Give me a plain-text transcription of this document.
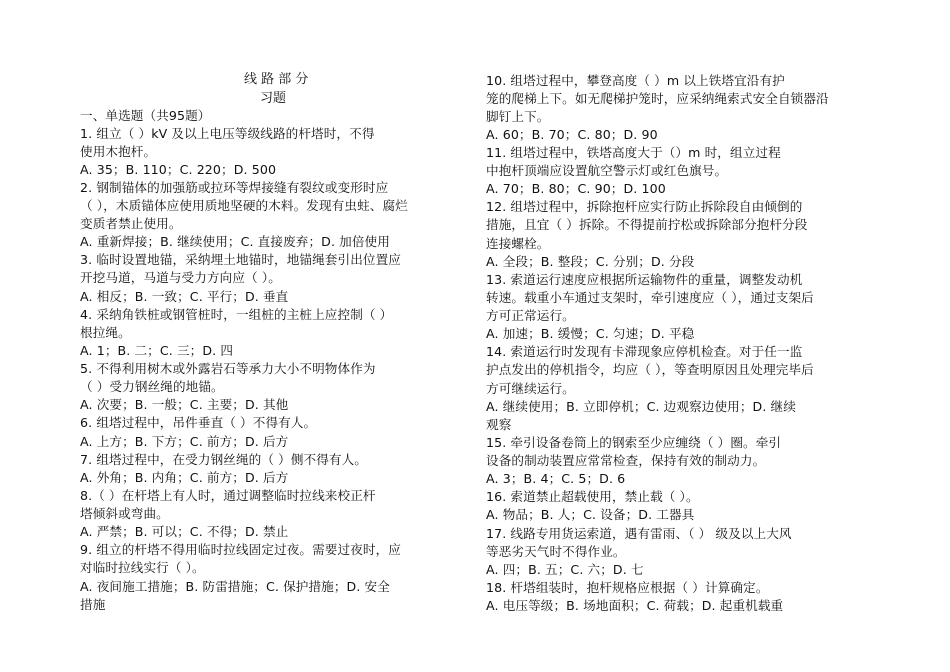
线 路 部 分
习题
一、单选题（共95题）
1. 组立（ ）kV 及以上电压等级线路的杆塔时，不得
使用木抱杆。
A. 35；B. 110；C. 220；D. 500
2. 钢制锚体的加强筋或拉环等焊接缝有裂纹或变形时应
（ ），木质锚体应使用质地坚硬的木料。发现有虫蛀、腐烂
变质者禁止使用。
A. 重新焊接；B. 继续使用；C. 直接废弃；D. 加倍使用
3. 临时设置地锚，采纳埋土地锚时，地锚绳套引出位置应
开挖马道，马道与受力方向应（ ）。
A. 相反；B. 一致；C. 平行；D. 垂直
4. 采纳角铁桩或钢管桩时，一组桩的主桩上应控制（ ）
根拉绳。
A. 1；B. 二；C. 三；D. 四
5. 不得利用树木或外露岩石等承力大小不明物体作为
（ ）受力钢丝绳的地锚。
A. 次要；B. 一般；C. 主要；D. 其他
6. 组塔过程中，吊件垂直（ ）不得有人。
A. 上方；B. 下方；C. 前方；D. 后方
7. 组塔过程中，在受力钢丝绳的（ ）侧不得有人。
A. 外角；B. 内角；C. 前方；D. 后方
8.（ ）在杆塔上有人时，通过调整临时拉线来校正杆
塔倾斜或弯曲。
A. 严禁；B. 可以；C. 不得；D. 禁止
9. 组立的杆塔不得用临时拉线固定过夜。需要过夜时，应
对临时拉线实行（ ）。
A. 夜间施工措施；B. 防雷措施；C. 保护措施；D. 安全
措施
10. 组塔过程中，攀登高度（ ）m 以上铁塔宜沿有护
笼的爬梯上下。如无爬梯护笼时，应采纳绳索式安全自锁器沿
脚钉上下。
A. 60；B. 70；C. 80；D. 90
11. 组塔过程中，铁塔高度大于（）m 时，组立过程
中抱杆顶端应设置航空警示灯或红色旗号。
A. 70；B. 80；C. 90；D. 100
12. 组塔过程中，拆除抱杆应实行防止拆除段自由倾倒的
措施，且宜（ ）拆除。不得提前拧松或拆除部分抱杆分段
连接螺栓。
A. 全段；B. 整段；C. 分别；D. 分段
13. 索道运行速度应根据所运输物件的重量，调整发动机
转速。载重小车通过支架时，牵引速度应（ ），通过支架后
方可正常运行。
A. 加速；B. 缓慢；C. 匀速；D. 平稳
14. 索道运行时发现有卡滞现象应停机检查。对于任一监
护点发出的停机指令，均应（ ），等查明原因且处理完毕后
方可继续运行。
A. 继续使用；B. 立即停机；C. 边观察边使用；D. 继续
观察
15. 牵引设备卷筒上的钢索至少应缠绕（ ）圈。牵引
设备的制动装置应常常检查，保持有效的制动力。
A. 3；B. 4；C. 5；D. 6
16. 索道禁止超载使用，禁止载（ ）。
A. 物品；B. 人；C. 设备；D. 工器具
17. 线路专用货运索道，遇有雷雨、（ ） 级及以上大风
等恶劣天气时不得作业。
A. 四；B. 五；C. 六；D. 七
18. 杆塔组装时，抱杆规格应根据（ ）计算确定。
A. 电压等级；B. 场地面积；C. 荷载；D. 起重机载重
